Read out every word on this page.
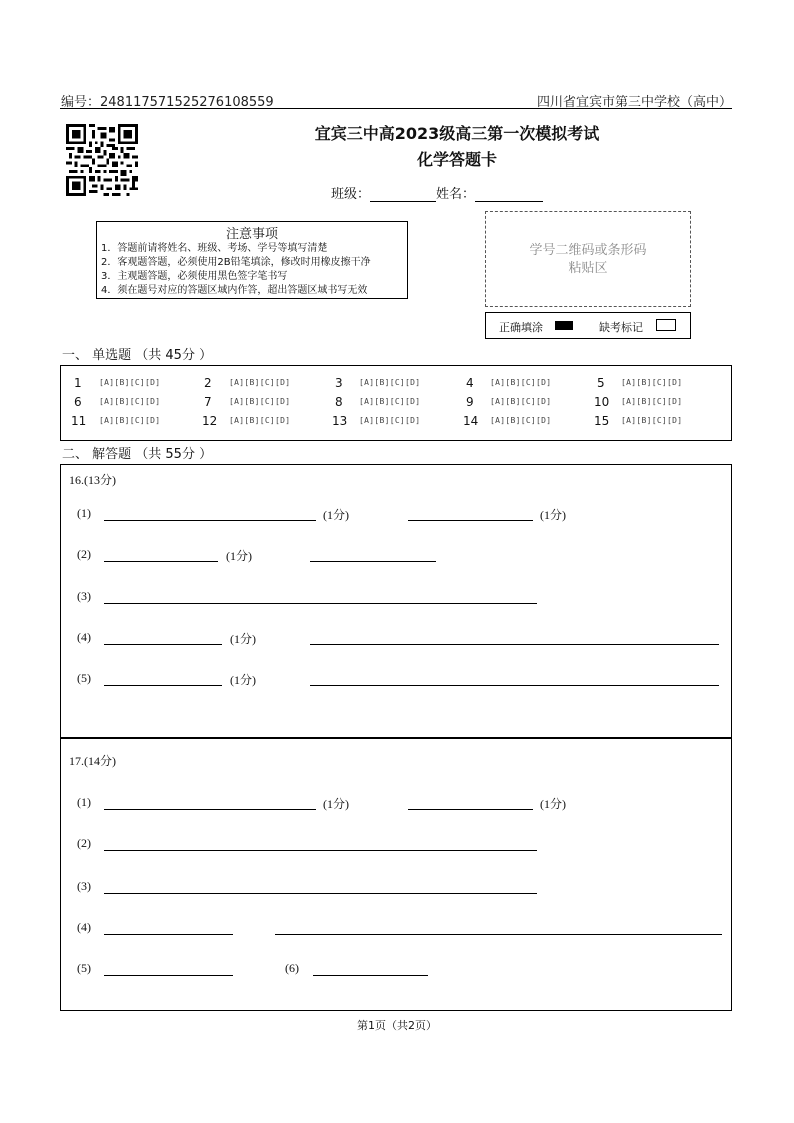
编号：248117571525276108559	四川省宜宾市第三中学校（高中）
宜宾三中高2023级高三第一次模拟考试
化学答题卡
班级：	姓名：
注意事项
1．答题前请将姓名、班级、考场、学号等填写清楚
2．客观题答题，必须使用2B铅笔填涂，修改时用橡皮擦干净
3．主观题答题，必须使用黑色签字笔书写
4．须在题号对应的答题区域内作答，超出答题区域书写无效
学号二维码或条形码
粘贴区
正确填涂	缺考标记
一、 单选题 （共 45分 ）
1	[A][B][C][D]	2	[A][B][C][D]	3	[A][B][C][D]	4	[A][B][C][D]	5	[A][B][C][D]
6	[A][B][C][D]	7	[A][B][C][D]	8	[A][B][C][D]	9	[A][B][C][D]	10	[A][B][C][D]
11	[A][B][C][D]	12	[A][B][C][D]	13	[A][B][C][D]	14	[A][B][C][D]	15	[A][B][C][D]
二、 解答题 （共 55分 ）
16.(13分)
(1)	(1分)	(1分)
(2)	(1分)
(3)
(4)	(1分)
(5)	(1分)
17.(14分)
(1)	(1分)	(1分)
(2)
(3)
(4)
(5)	(6)
第1页（共2页）
